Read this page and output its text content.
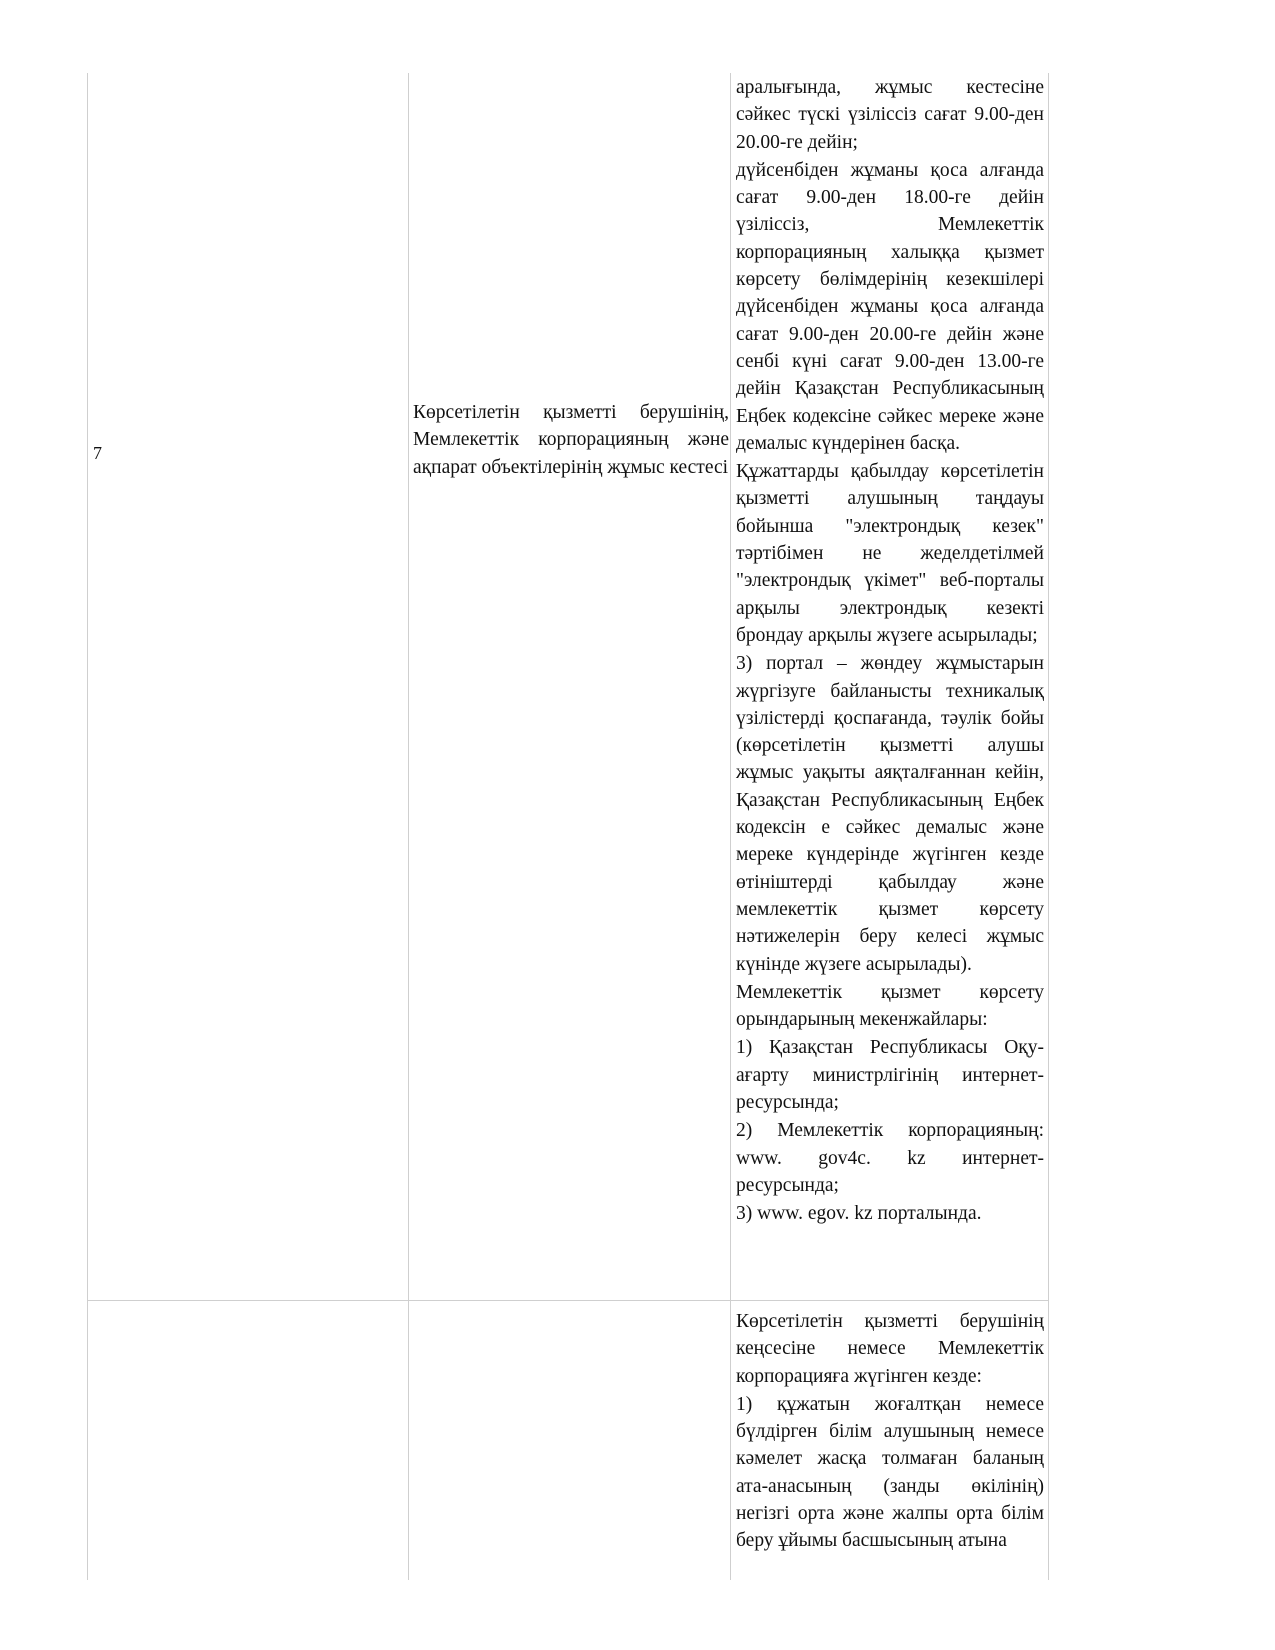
7
Көрсетілетін қызметті берушінің, Мемлекеттік корпорацияның және ақпарат объектілерінің жұмыс кестесі

аралығында, жұмыс кестесіне сәйкес түскі үзіліссіз сағат 9.00-ден 20.00-ге дейін;

дүйсенбіден жұманы қоса алғанда сағат 9.00-ден 18.00-ге дейін үзіліссіз, Мемлекеттік корпорацияның халыққа қызмет көрсету бөлімдерінің кезекшілері дүйсенбіден жұманы қоса алғанда сағат 9.00-ден 20.00-ге дейін және сенбі күні сағат 9.00-ден 13.00-ге дейін Қазақстан Республикасының Еңбек кодексіне сәйкес мереке және демалыс күндерінен басқа.

Құжаттарды қабылдау көрсетілетін қызметті алушының таңдауы бойынша "электрондық кезек" тәртібімен не жеделдетілмей "электрондық үкімет" веб-порталы арқылы электрондық кезекті брондау арқылы жүзеге асырылады;

3) портал – жөндеу жұмыстарын жүргізуге байланысты техникалық үзілістерді қоспағанда, тәулік бойы (көрсетілетін қызметті алушы жұмыс уақыты аяқталғаннан кейін, Қазақстан Республикасының Еңбек кодексін е сәйкес демалыс және мереке күндерінде жүгінген кезде өтініштерді қабылдау және мемлекеттік қызмет көрсету нәтижелерін беру келесі жұмыс күнінде жүзеге асырылады).

Мемлекеттік қызмет көрсету орындарының мекенжайлары:

1) Қазақстан Республикасы Оқу-ағарту министрлігінің интернет-ресурсында;

2) Мемлекеттік корпорацияның: www. gov4c. kz интернет-ресурсында;

3) www. egov. kz порталында.

Көрсетілетін қызметті берушінің кеңсесіне немесе Мемлекеттік корпорацияға жүгінген кезде:

1) құжатын жоғалтқан немесе бүлдірген білім алушының немесе кәмелет жасқа толмаған баланың ата-анасының (занды өкілінің) негізгі орта және жалпы орта білім беру ұйымы басшысының атына
